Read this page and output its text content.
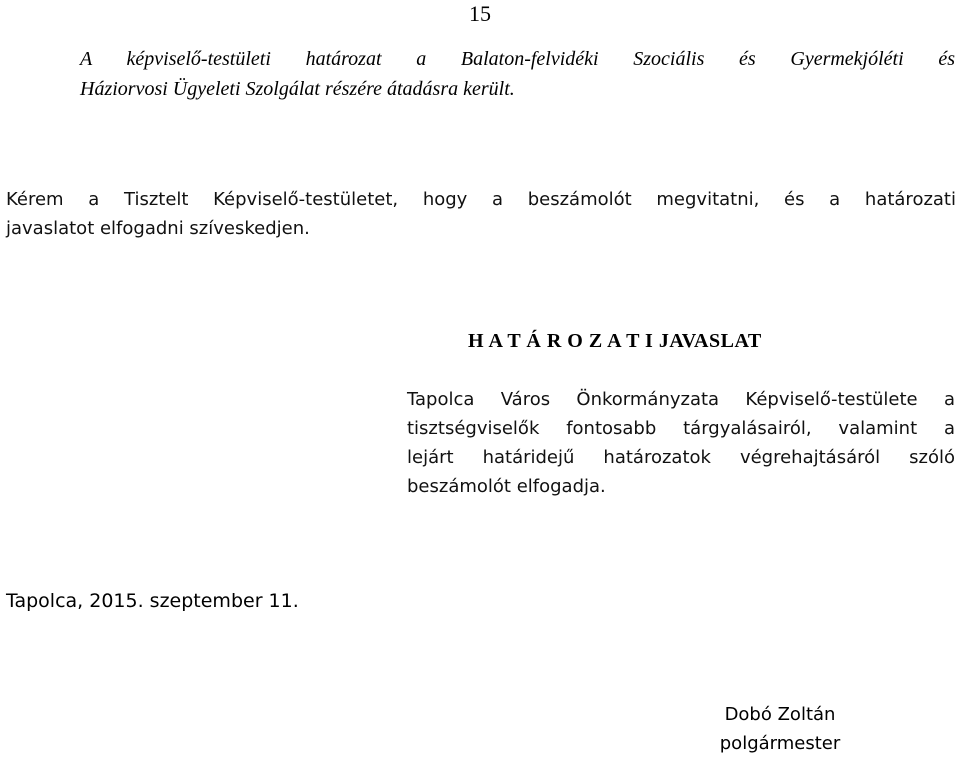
15

A képviselő-testületi határozat a Balaton-felvidéki Szociális és Gyermekjóléti és
Háziorvosi Ügyeleti Szolgálat részére átadásra került.

Kérem a Tisztelt Képviselő-testületet, hogy a beszámolót megvitatni, és a határozati
javaslatot elfogadni szíveskedjen.

H A T Á R O Z A T I JAVASLAT

Tapolca Város Önkormányzata Képviselő-testülete a
tisztségviselők fontosabb tárgyalásairól, valamint a
lejárt határidejű határozatok végrehajtásáról szóló
beszámolót elfogadja.

Tapolca, 2015. szeptember 11.

Dobó Zoltán
polgármester
